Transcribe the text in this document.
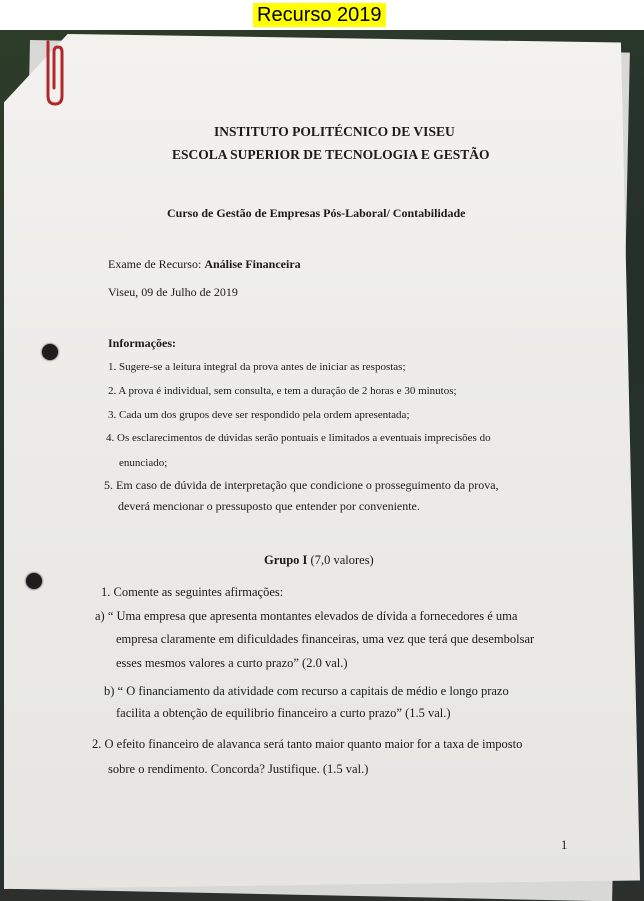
Recurso 2019
INSTITUTO POLITÉCNICO DE VISEU
ESCOLA SUPERIOR DE TECNOLOGIA E GESTÃO
Curso de Gestão de Empresas Pós-Laboral/ Contabilidade
Exame de Recurso: Análise Financeira
Viseu, 09 de Julho de 2019
Informações:
1. Sugere-se a leitura integral da prova antes de iniciar as respostas;
2. A prova é individual, sem consulta, e tem a duração de 2 horas e 30 minutos;
3. Cada um dos grupos deve ser respondido pela ordem apresentada;
4. Os esclarecimentos de dúvidas serão pontuais e limitados a eventuais imprecisões do
enunciado;
5. Em caso de dúvida de interpretação que condicione o prosseguimento da prova,
deverá mencionar o pressuposto que entender por conveniente.
Grupo I (7,0 valores)
1. Comente as seguintes afirmações:
a) “ Uma empresa que apresenta montantes elevados de dívida a fornecedores é uma
empresa claramente em dificuldades financeiras, uma vez que terá que desembolsar
esses mesmos valores a curto prazo” (2.0 val.)
b) “ O financiamento da atividade com recurso a capitais de médio e longo prazo
facilita a obtenção de equilibrio financeiro a curto prazo” (1.5 val.)
2. O efeito financeiro de alavanca será tanto maior quanto maior for a taxa de imposto
sobre o rendimento. Concorda? Justifique. (1.5 val.)
1
